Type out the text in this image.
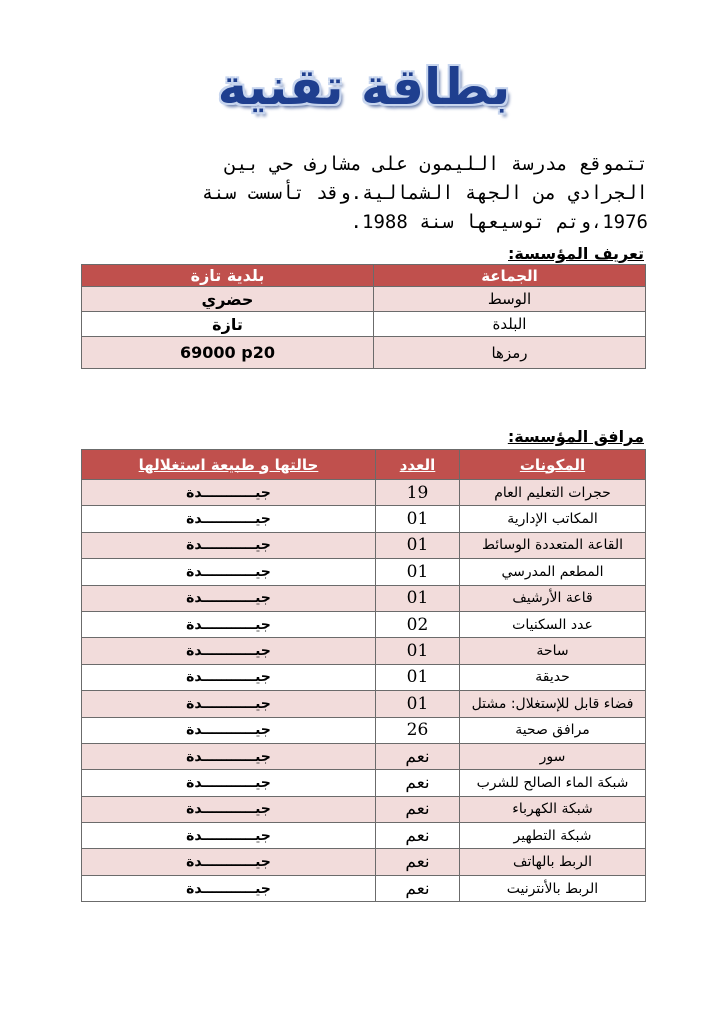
بطاقة تقنية
تتموقع مدرسة الليمون على مشارف حي بين
الجرادي من الجهة الشمالية.وقد تأسست سنة
1976،وتم توسيعها سنة 1988.
تعريف المؤسسة:
الجماعة	بلدية تازة
الوسط	حضري
البلدة	تازة
رمزها	69000 p20
مرافق المؤسسة:
المكونات	العدد	حالتها و طبيعة استغلالها
حجرات التعليم العام	19	جيـــــــــــدة
المكاتب الإدارية	01	جيـــــــــــدة
القاعة المتعددة الوسائط	01	جيـــــــــــدة
المطعم المدرسي	01	جيـــــــــــدة
قاعة الأرشيف	01	جيـــــــــــدة
عدد السكنيات	02	جيـــــــــــدة
ساحة	01	جيـــــــــــدة
حديقة	01	جيـــــــــــدة
فضاء قابل للإستغلال: مشتل	01	جيـــــــــــدة
مرافق صحية	26	جيـــــــــــدة
سور	نعم	جيـــــــــــدة
شبكة الماء الصالح للشرب	نعم	جيـــــــــــدة
شبكة الكهرباء	نعم	جيـــــــــــدة
شبكة التطهير	نعم	جيـــــــــــدة
الربط بالهاتف	نعم	جيـــــــــــدة
الربط بالأنترنيت	نعم	جيـــــــــــدة
